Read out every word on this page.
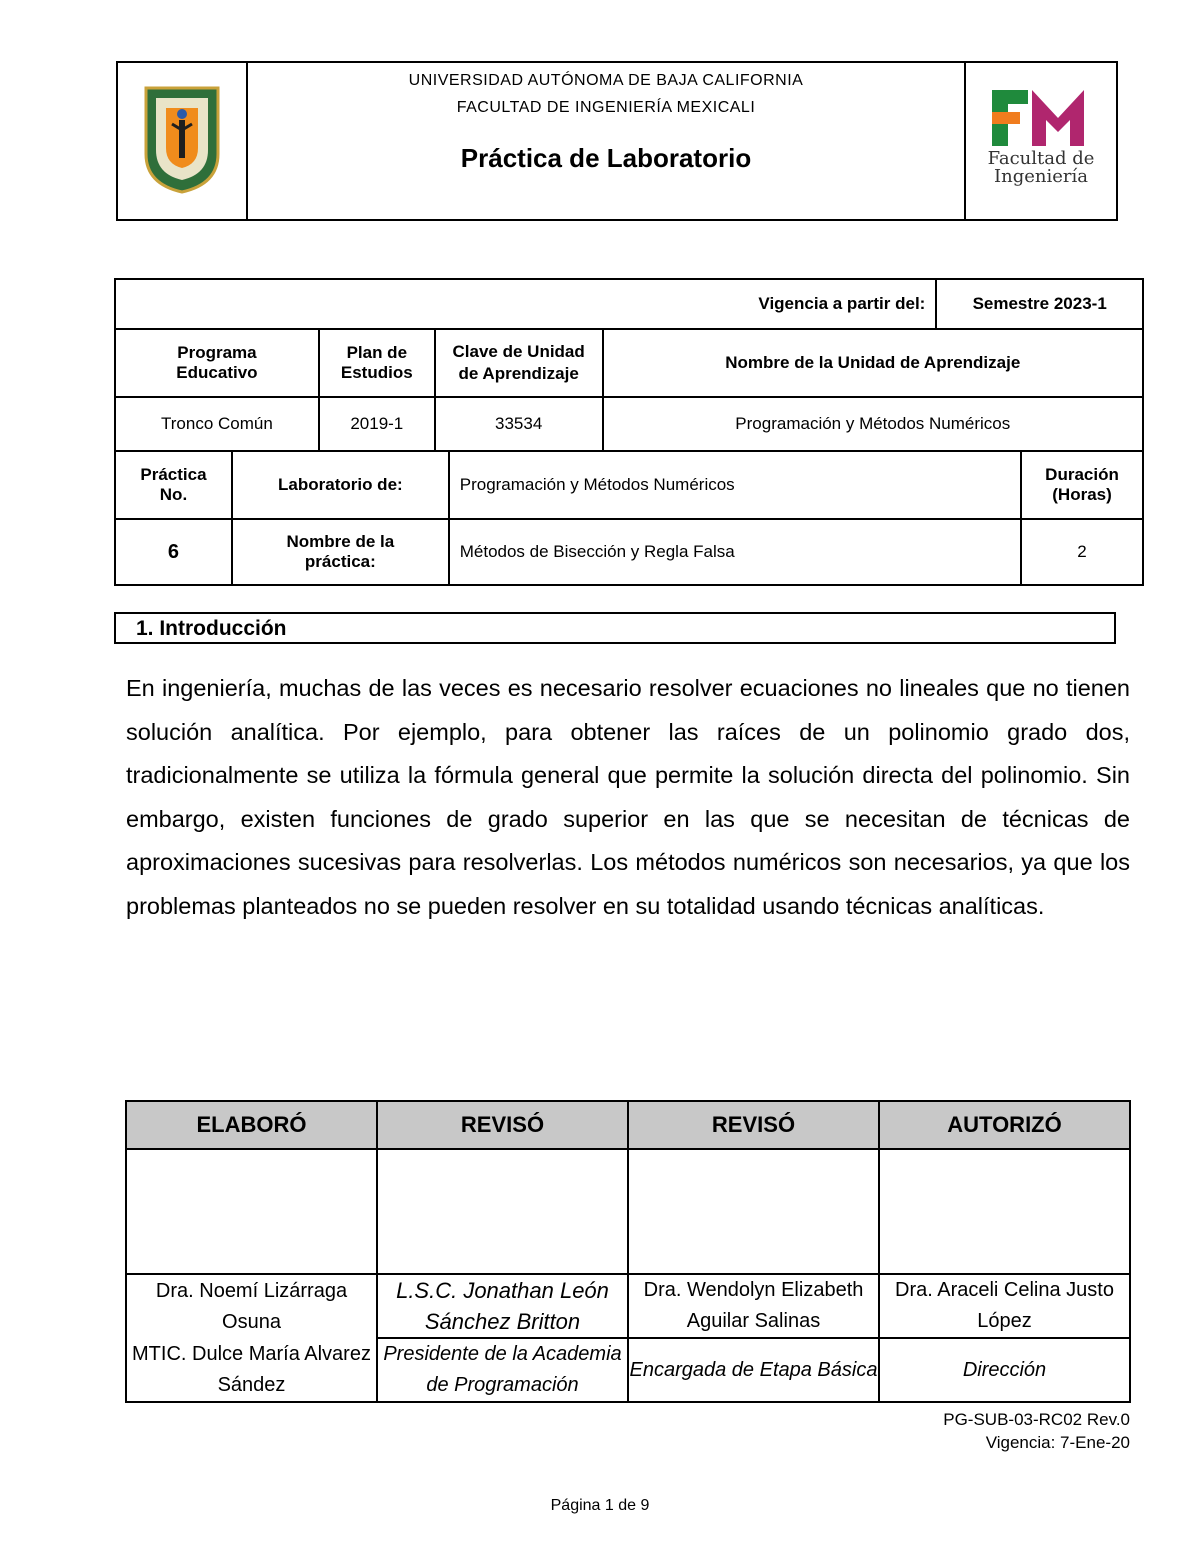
UNIVERSIDAD AUTÓNOMA DE BAJA CALIFORNIA
FACULTAD DE INGENIERÍA MEXICALI
Práctica de Laboratorio	Facultad de
Ingeniería
Vigencia a partir del:						Semestre 2023-1	
Programa Educativo		Plan de Estudios	Clave de Unidad de Aprendizaje		Nombre de la Unidad de Aprendizaje		
Tronco Común		2019-1	33534		Programación y Métodos Numéricos		
Práctica No.	Laboratorio de:			Programación y Métodos Numéricos			Duración (Horas)
6	Nombre de la práctica:			Métodos de Bisección y Regla Falsa			2
1. Introducción
En ingeniería, muchas de las veces es necesario resolver ecuaciones no lineales que no tienen solución analítica. Por ejemplo, para obtener las raíces de un polinomio grado dos, tradicionalmente se utiliza la fórmula general que permite la solución directa del polinomio. Sin embargo, existen funciones de grado superior en las que se necesitan de técnicas de aproximaciones sucesivas para resolverlas. Los métodos numéricos son necesarios, ya que los problemas planteados no se pueden resolver en su totalidad usando técnicas analíticas.
ELABORÓ	REVISÓ	REVISÓ	AUTORIZÓ

Dra. Noemí Lizárraga Osuna	L.S.C. Jonathan León Sánchez Britton	Dra. Wendolyn Elizabeth Aguilar Salinas	Dra. Araceli Celina Justo López
MTIC. Dulce María Alvarez Sández	Presidente de la Academia de Programación	Encargada de Etapa Básica	Dirección
PG-SUB-03-RC02 Rev.0
Vigencia: 7-Ene-20
Página 1 de 9
